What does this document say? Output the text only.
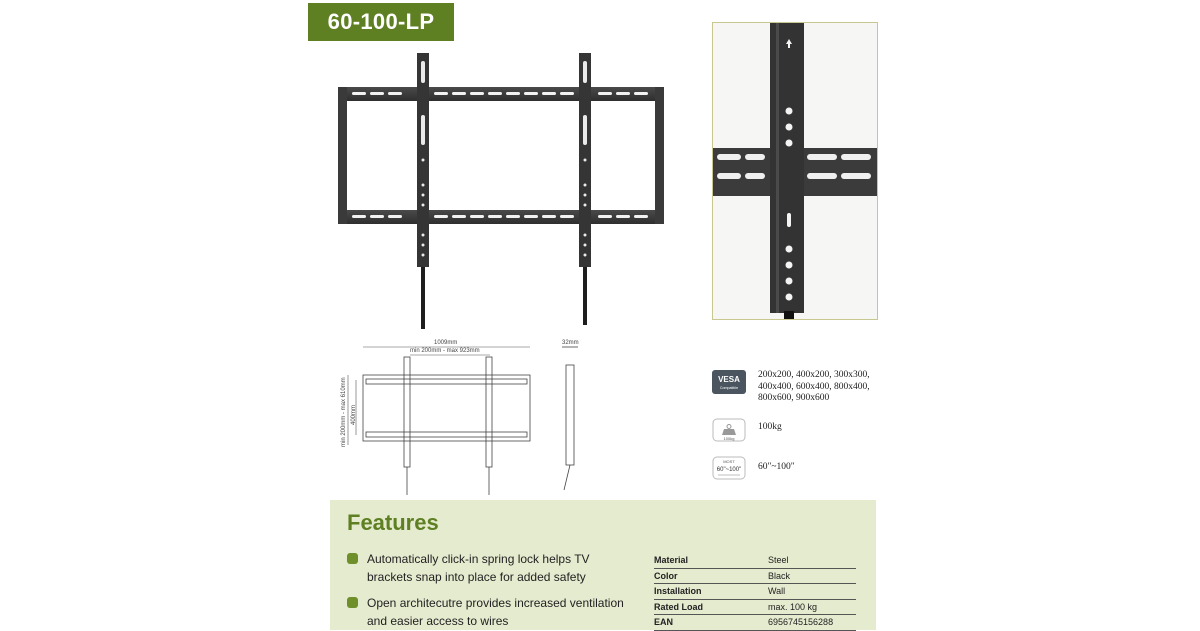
60-100-LP
1009mm
min 200mm - max 923mm
min 200mm - max 610mm 400mm
32mm
VESA
Compatible
200x200, 400x200, 300x300,
400x400, 600x400, 800x400,
800x600, 900x600
100kg
100kg
MOST
60"~100" 60"~100"
Features
Automatically click-in spring lock helps TV brackets snap into place for added safety
Open architecutre provides increased ventilation and easier access to wires
Material	Steel
Color	Black
Installation	Wall
Rated Load	max. 100 kg
EAN	6956745156288
